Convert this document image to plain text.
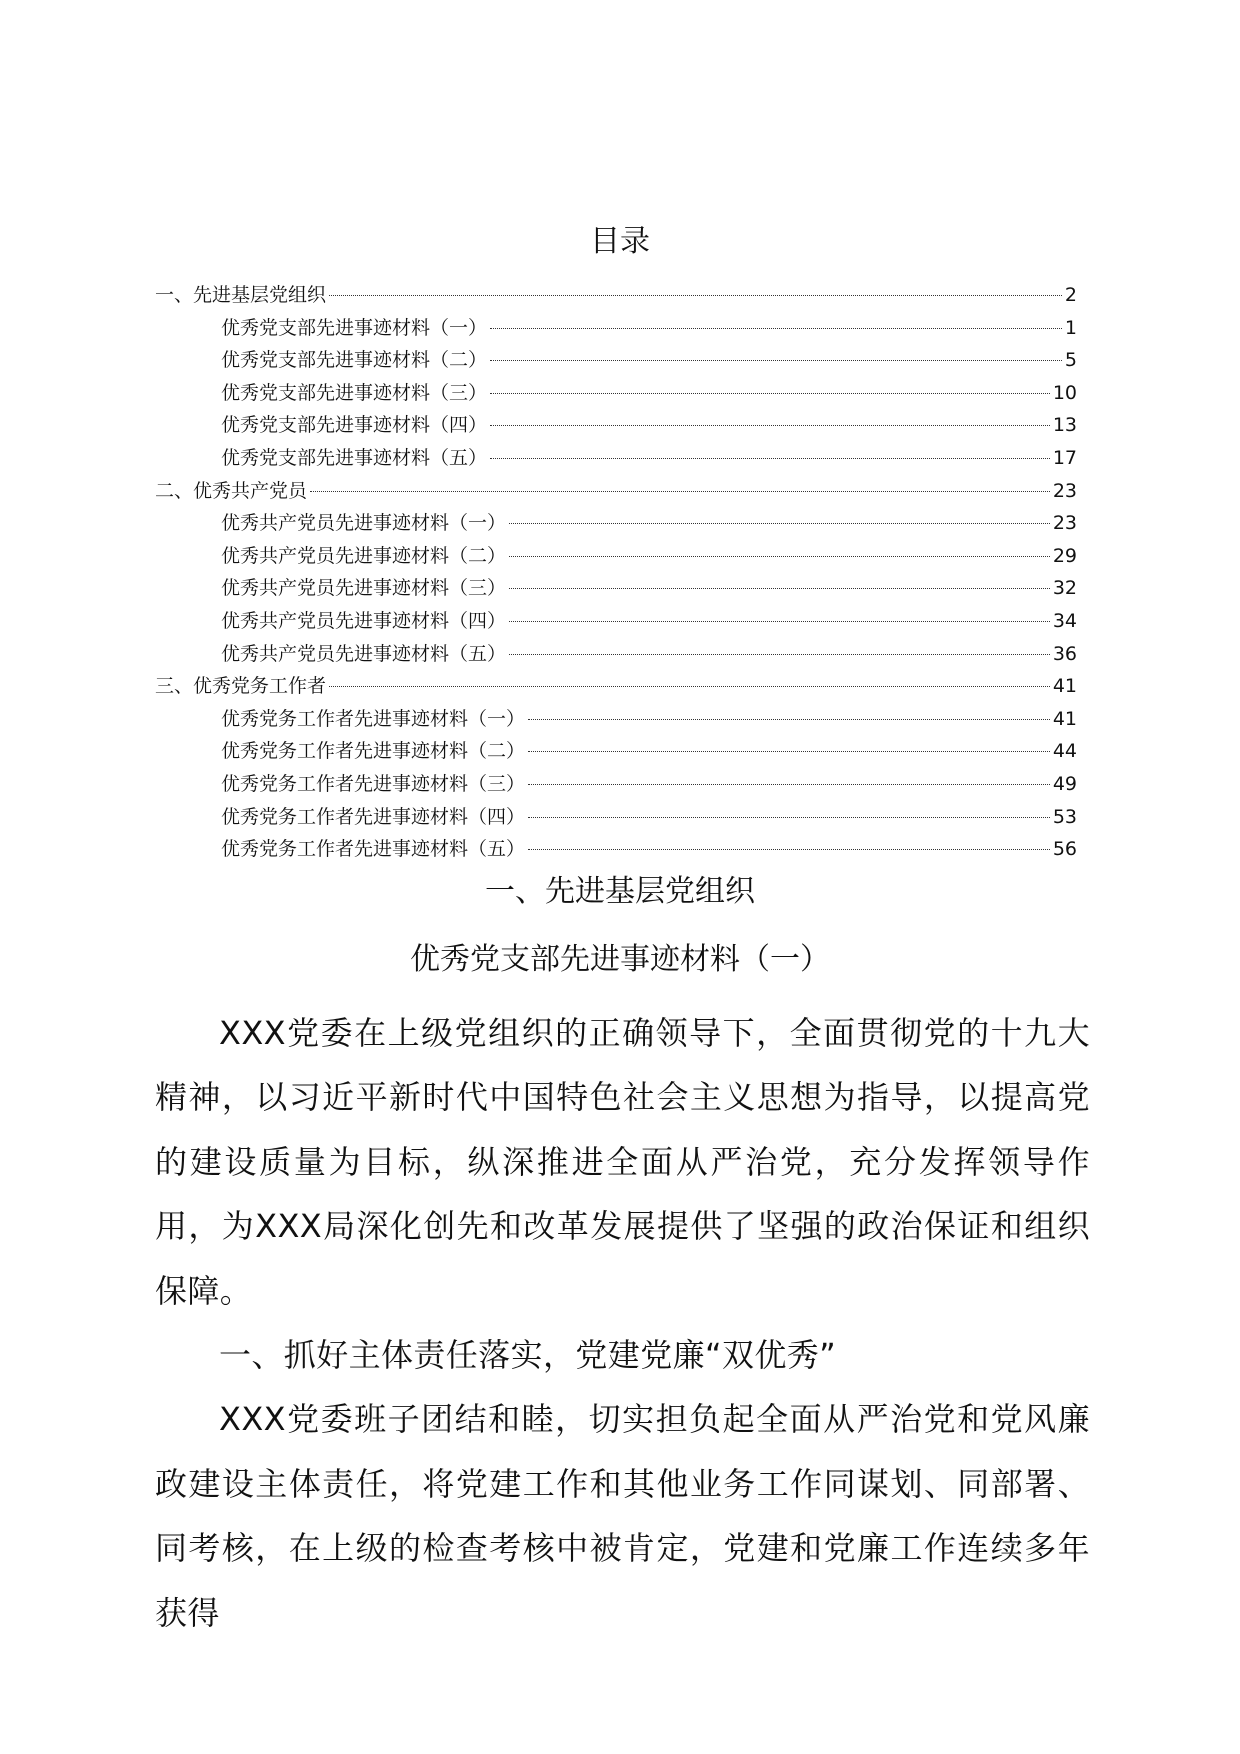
目录
一、先进基层党组织	2
优秀党支部先进事迹材料（一）	1
优秀党支部先进事迹材料（二）	5
优秀党支部先进事迹材料（三）	10
优秀党支部先进事迹材料（四）	13
优秀党支部先进事迹材料（五）	17
二、优秀共产党员	23
优秀共产党员先进事迹材料（一）	23
优秀共产党员先进事迹材料（二）	29
优秀共产党员先进事迹材料（三）	32
优秀共产党员先进事迹材料（四）	34
优秀共产党员先进事迹材料（五）	36
三、优秀党务工作者	41
优秀党务工作者先进事迹材料（一）	41
优秀党务工作者先进事迹材料（二）	44
优秀党务工作者先进事迹材料（三）	49
优秀党务工作者先进事迹材料（四）	53
优秀党务工作者先进事迹材料（五）	56
一、先进基层党组织
优秀党支部先进事迹材料（一）

XXX党委在上级党组织的正确领导下，全面贯彻党的十九大精神，以习近平新时代中国特色社会主义思想为指导，以提高党的建设质量为目标，纵深推进全面从严治党，充分发挥领导作用，为XXX局深化创先和改革发展提供了坚强的政治保证和组织保障。

一、抓好主体责任落实，党建党廉“双优秀”

XXX党委班子团结和睦，切实担负起全面从严治党和党风廉政建设主体责任，将党建工作和其他业务工作同谋划、同部署、同考核，在上级的检查考核中被肯定，党建和党廉工作连续多年获得
